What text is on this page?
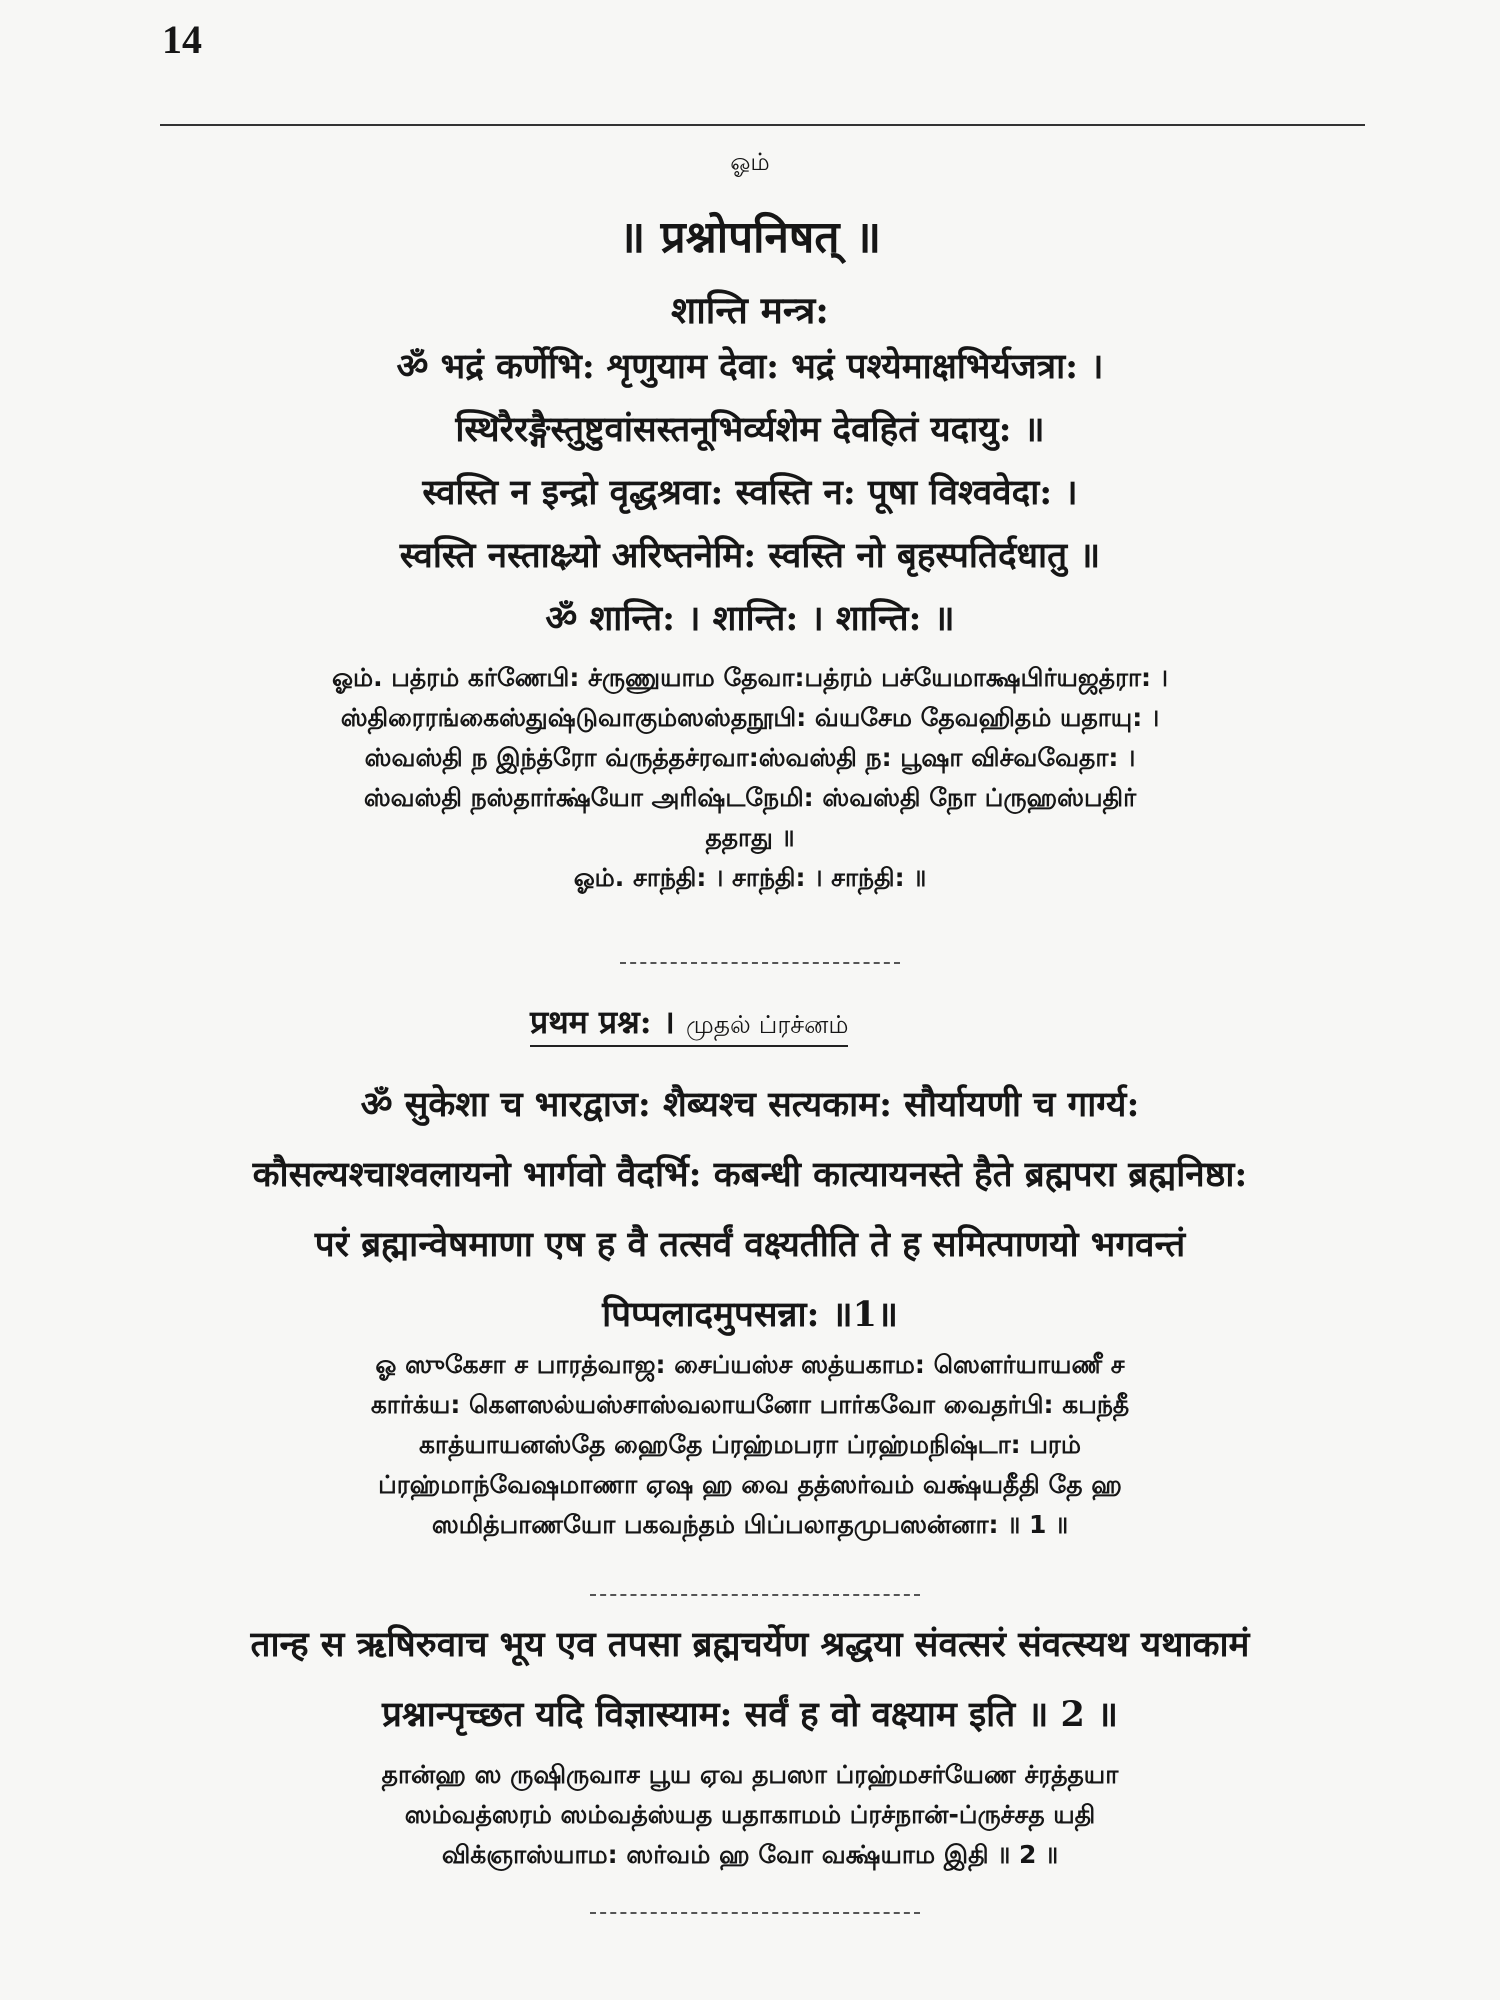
14
ஓம்
॥ प्रश्नोपनिषत् ॥
शान्ति मन्त्र:
ॐ भद्रं कर्णेभि: शृणुयाम देवा: भद्रं पश्येमाक्षभिर्यजत्रा: ।
स्थिरैरङ्गैस्तुष्टुवांसस्तनूभिर्व्यशेम देवहितं यदायु: ॥
स्वस्ति न इन्द्रो वृद्धश्रवा: स्वस्ति न: पूषा विश्ववेदा: ।
स्वस्ति नस्ताक्ष्र्यो अरिष्तनेमि: स्वस्ति नो बृहस्पतिर्दधातु ॥
ॐ शान्ति: । शान्ति: । शान्ति: ॥
ஓம். பத்ரம் கர்ணேபி: ச்ருணுயாம தேவா:பத்ரம் பச்யேமாக்ஷபிர்யஜத்ரா: ।
ஸ்திரைரங்கைஸ்துஷ்டுவாகும்ஸஸ்தநூபி: வ்யசேம தேவஹிதம் யதாயு: ।
ஸ்வஸ்தி ந இந்த்ரோ வ்ருத்தச்ரவா:ஸ்வஸ்தி ந: பூஷா விச்வவேதா: ।
ஸ்வஸ்தி நஸ்தார்க்ஷ்யோ அரிஷ்டநேமி: ஸ்வஸ்தி நோ ப்ருஹஸ்பதிர்
ததாது ॥
ஓம். சாந்தி: । சாந்தி: । சாந்தி: ॥
प्रथम प्रश्न: । முதல் ப்ரச்னம்
ॐ सुकेशा च भारद्वाज: शैब्यश्च सत्यकाम: सौर्यायणी च गार्ग्य:
कौसल्यश्चाश्वलायनो भार्गवो वैदर्भि: कबन्धी कात्यायनस्ते हैते ब्रह्मपरा ब्रह्मनिष्ठा:
परं ब्रह्मान्वेषमाणा एष ह वै तत्सर्वं वक्ष्यतीति ते ह समित्पाणयो भगवन्तं
पिप्पलादमुपसन्ना: ॥1॥
ஓ ஸுகேசா ச பாரத்வாஜ: சைப்யஸ்ச ஸத்யகாம: ஸௌர்யாயணீ ச
கார்க்ய: கௌஸல்யஸ்சாஸ்வலாயனோ பார்கவோ வைதர்பி: கபந்தீ
காத்யாயனஸ்தே ஹைதே ப்ரஹ்மபரா ப்ரஹ்மநிஷ்டா: பரம்
ப்ரஹ்மாந்வேஷமாணா ஏஷ ஹ வை தத்ஸர்வம் வக்ஷ்யதீதி தே ஹ
ஸமித்பாணயோ பகவந்தம் பிப்பலாதமுபஸன்னா: ॥ 1 ॥
तान्ह स ऋषिरुवाच भूय एव तपसा ब्रह्मचर्येण श्रद्धया संवत्सरं संवत्स्यथ यथाकामं
प्रश्नान्पृच्छत यदि विज्ञास्याम: सर्वं ह वो वक्ष्याम इति ॥ 2 ॥
தான்ஹ ஸ ருஷிருவாச பூய ஏவ தபஸா ப்ரஹ்மசர்யேண ச்ரத்தயா
ஸம்வத்ஸரம் ஸம்வத்ஸ்யத யதாகாமம் ப்ரச்நான்-ப்ருச்சத யதி
விக்ஞாஸ்யாம: ஸர்வம் ஹ வோ வக்ஷ்யாம இதி ॥ 2 ॥
